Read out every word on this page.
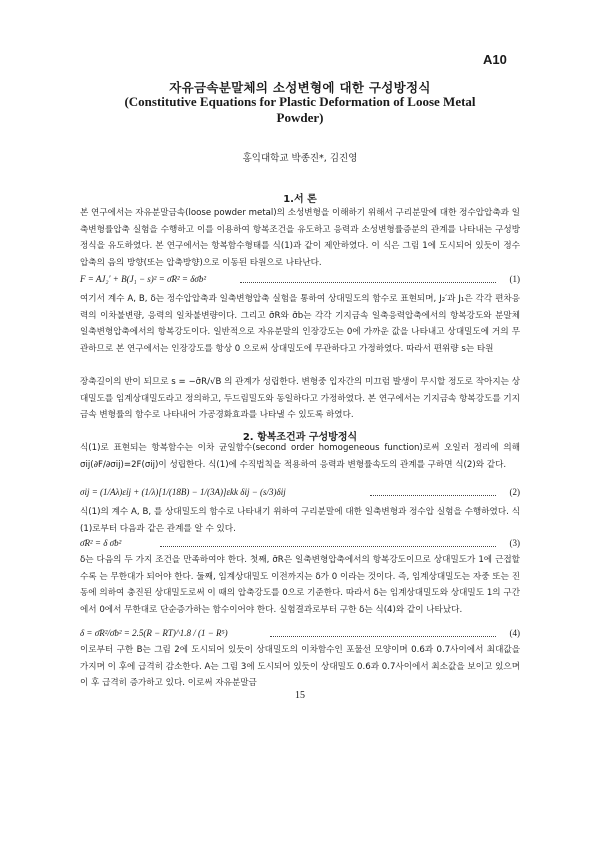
A10
자유금속분말체의 소성변형에 대한 구성방정식
(Constitutive Equations for Plastic Deformation of Loose Metal Powder)
홍익대학교 박종진*, 김진영
1.서 론

본 연구에서는 자유분말금속(loose powder metal)의 소성변형을 이해하기 위해서 구리분말에 대한 정수압압축과 일축변형률압축 실험을 수행하고 이를 이용하여 항복조건을 유도하고 응력과 소성변형률증분의 관계를 나타내는 구성방정식을 유도하였다. 본 연구에서는 항복함수형태를 식(1)과 같이 제안하였다. 이 식은 그림 1에 도시되어 있듯이 정수압축의 음의 방향(또는 압축방향)으로 이동된 타원으로 나타난다.

F = AJ₂′ + B(J₁ − s)² = σ̄R² = δσ̄b²	(1)

여기서 계수 A, B, δ는 정수압압축과 일축변형압축 실험을 통하여 상대밀도의 함수로 표현되며, J₂′과 J₁은 각각 편차응력의 이차불변량, 응력의 일차불변량이다. 그리고 σ̄R와 σ̄b는 각각 기지금속 일축응력압축에서의 항복강도와 분말체 일축변형압축에서의 항복강도이다. 일반적으로 자유분말의 인장강도는 0에 가까운 값을 나타내고 상대밀도에 거의 무관하므로 본 연구에서는 인장강도를 항상 0 으로써 상대밀도에 무관하다고 가정하였다. 따라서 편위량 s는 타원

장축길이의 반이 되므로 s = −σ̄R/√B 의 관계가 성립한다. 변형중 입자간의 미끄럼 발생이 무시할 정도로 작아지는 상대밀도를 임계상대밀도라고 정의하고, 두드림밀도와 동일하다고 가정하였다. 본 연구에서는 기지금속 항복강도를 기지금속 변형률의 함수로 나타내어 가공경화효과를 나타낼 수 있도록 하였다.

2. 항복조건과 구성방정식

식(1)로 표현되는 항복함수는 이차 균일함수(second order homogeneous function)로써 오일러 정리에 의해 σij(∂F/∂σij)=2F(σij)이 성립한다. 식(1)에 수직법칙을 적용하여 응력과 변형률속도의 관계를 구하면 식(2)와 같다.

σij = (1/Aλ)ε̇ij + (1/λ)[1/(18B) − 1/(3A)]ε̇kk δij − (s/3)δij	(2)

식(1)의 계수 A, B, 를 상대밀도의 함수로 나타내기 위하여 구리분말에 대한 일축변형과 정수압 실험을 수행하였다. 식(1)로부터 다음과 같은 관계를 알 수 있다.

σ̄R² = δ σ̄b²	(3)

δ는 다음의 두 가지 조건을 만족하여야 한다. 첫째, σ̄R은 일축변형압축에서의 항복강도이므로 상대밀도가 1에 근접할수록 는 무한대가 되어야 한다. 둘째, 임계상대밀도 이전까지는 δ가 0 이라는 것이다. 즉, 임계상대밀도는 자중 또는 진동에 의하여 충진된 상대밀도로써 이 때의 압축강도를 0으로 기준한다. 따라서 δ는 임계상대밀도와 상대밀도 1의 구간에서 0에서 무한대로 단순증가하는 함수이어야 한다. 실험결과로부터 구한 δ는 식(4)와 같이 나타났다.

δ = σ̄R²/σ̄b² = 2.5(R − RT)^1.8 / (1 − R⁵)	(4)

이로부터 구한 B는 그림 2에 도시되어 있듯이 상대밀도의 이차함수인 포물선 모양이며 0.6과 0.7사이에서 최대값을 가지며 이 후에 급격히 감소한다. A는 그림 3에 도시되어 있듯이 상대밀도 0.6과 0.7사이에서 최소값을 보이고 있으며 이 후 급격히 증가하고 있다. 이로써 자유분말금

15
